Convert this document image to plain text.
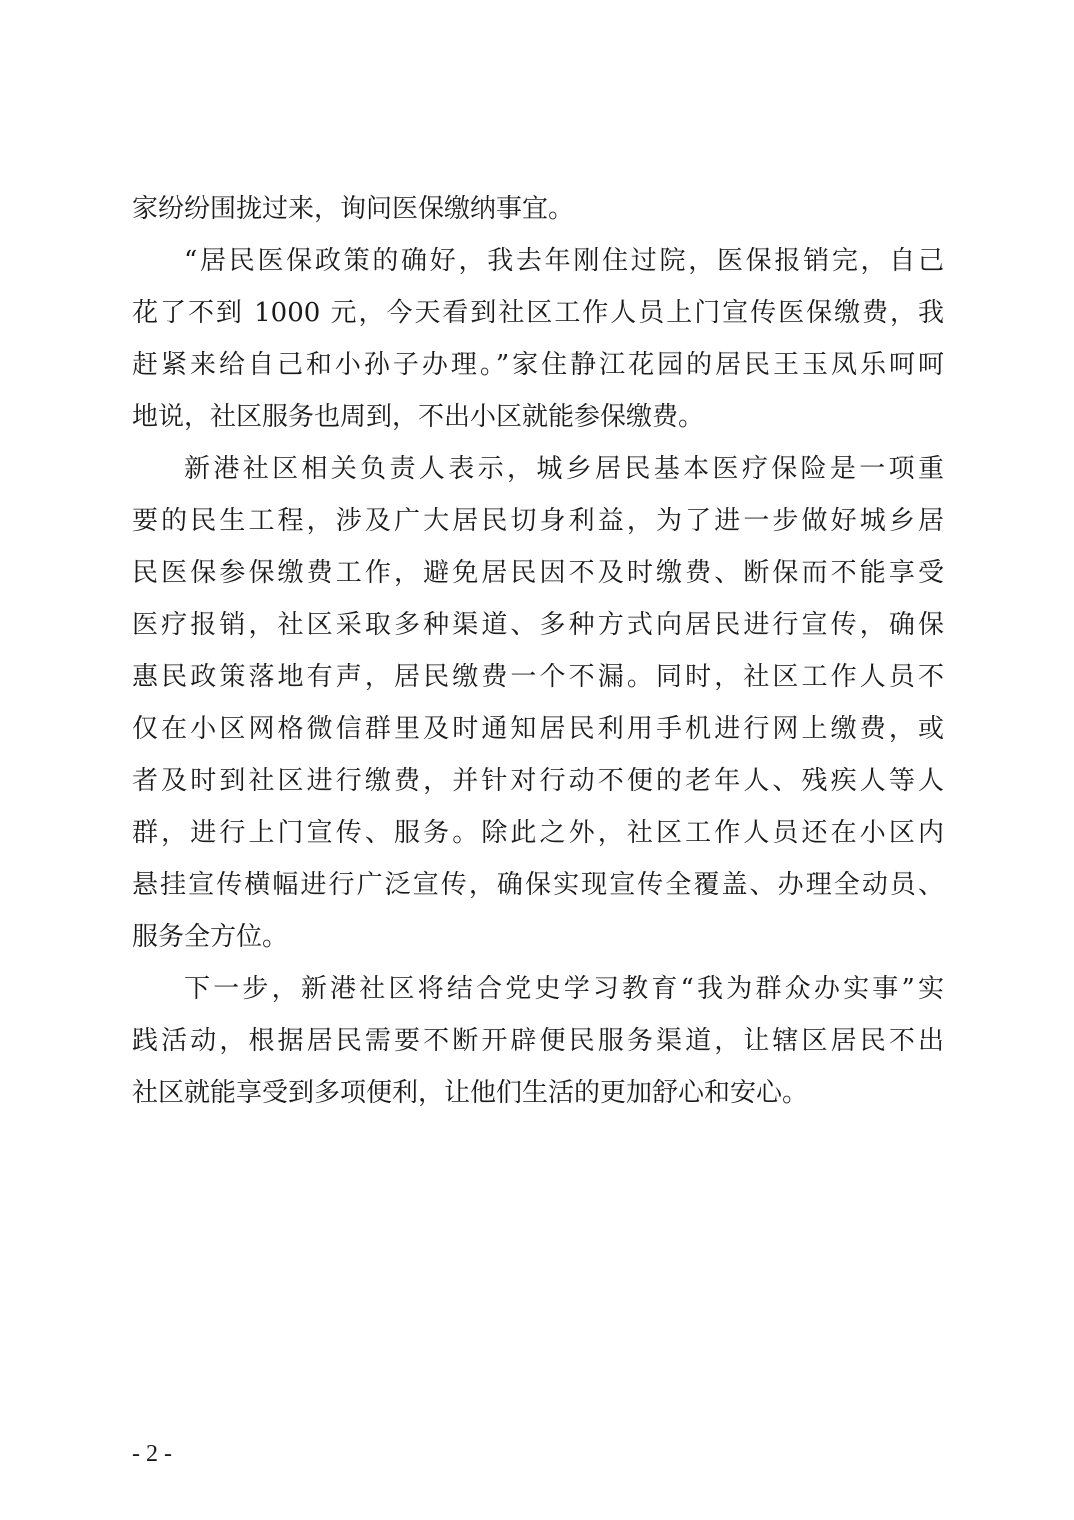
家纷纷围拢过来，询问医保缴纳事宜。
“居民医保政策的确好，我去年刚住过院，医保报销完，自己
花了不到 1000 元，今天看到社区工作人员上门宣传医保缴费，我
赶紧来给自己和小孙子办理。”家住静江花园的居民王玉凤乐呵呵
地说，社区服务也周到，不出小区就能参保缴费。
新港社区相关负责人表示，城乡居民基本医疗保险是一项重
要的民生工程，涉及广大居民切身利益，为了进一步做好城乡居
民医保参保缴费工作，避免居民因不及时缴费、断保而不能享受
医疗报销，社区采取多种渠道、多种方式向居民进行宣传，确保
惠民政策落地有声，居民缴费一个不漏。同时，社区工作人员不
仅在小区网格微信群里及时通知居民利用手机进行网上缴费，或
者及时到社区进行缴费，并针对行动不便的老年人、残疾人等人
群，进行上门宣传、服务。除此之外，社区工作人员还在小区内
悬挂宣传横幅进行广泛宣传，确保实现宣传全覆盖、办理全动员、
服务全方位。
下一步，新港社区将结合党史学习教育“我为群众办实事”实
践活动，根据居民需要不断开辟便民服务渠道，让辖区居民不出
社区就能享受到多项便利，让他们生活的更加舒心和安心。
- 2 -
